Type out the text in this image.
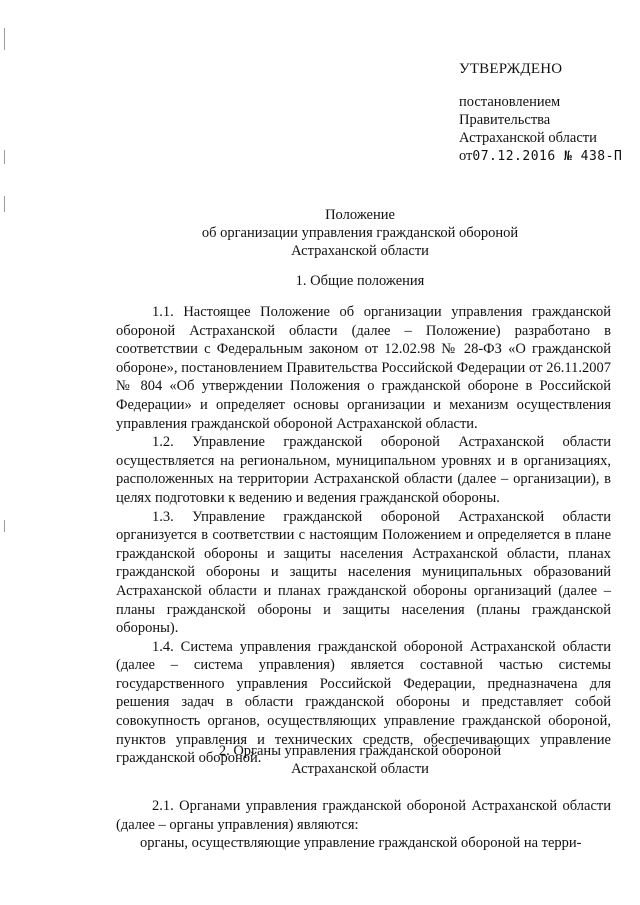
УТВЕРЖДЕНО
постановлением
Правительства
Астраханской области
от07.12.2016 № 438-П
Положение
об организации управления гражданской обороной
Астраханской области
1. Общие положения

1.1. Настоящее Положение об организации управления гражданской обороной Астраханской области (далее – Положение) разработано в соответствии с Федеральным законом от 12.02.98 № 28-ФЗ «О гражданской обороне», постановлением Правительства Российской Федерации от 26.11.2007 № 804 «Об утверждении Положения о гражданской обороне в Российской Федерации» и определяет основы организации и механизм осуществления управления гражданской обороной Астраханской области.

1.2. Управление гражданской обороной Астраханской области осуществляется на региональном, муниципальном уровнях и в организациях, расположенных на территории Астраханской области (далее – организации), в целях подготовки к ведению и ведения гражданской обороны.

1.3. Управление гражданской обороной Астраханской области организуется в соответствии с настоящим Положением и определяется в плане гражданской обороны и защиты населения Астраханской области, планах гражданской обороны и защиты населения муниципальных образований Астраханской области и планах гражданской обороны организаций (далее – планы гражданской обороны и защиты населения (планы гражданской обороны).

1.4. Система управления гражданской обороной Астраханской области (далее – система управления) является составной частью системы государственного управления Российской Федерации, предназначена для решения задач в области гражданской обороны и представляет собой совокупность органов, осуществляющих управление гражданской обороной, пунктов управления и технических средств, обеспечивающих управление гражданской обороной.

2. Органы управления гражданской обороной
Астраханской области

2.1. Органами управления гражданской обороной Астраханской области (далее – органы управления) являются:

органы, осуществляющие управление гражданской обороной на терри-
